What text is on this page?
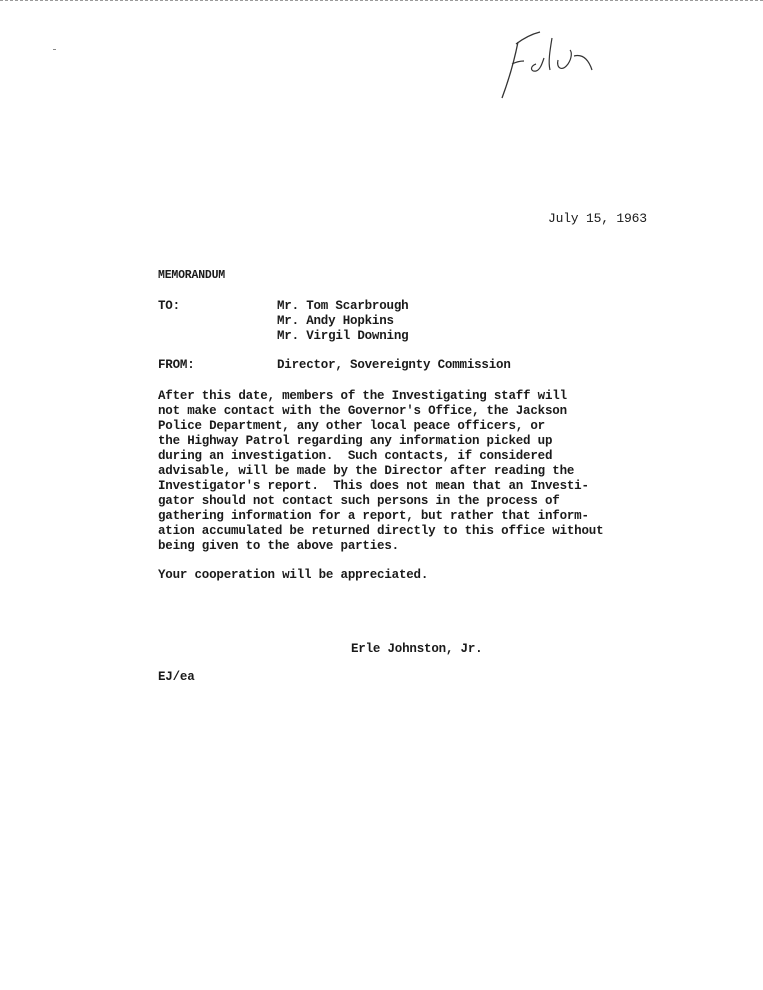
July 15, 1963
MEMORANDUM
TO:	Mr. Tom Scarbrough
Mr. Andy Hopkins
Mr. Virgil Downing
FROM:	Director, Sovereignty Commission
After this date, members of the Investigating staff will
not make contact with the Governor's Office, the Jackson
Police Department, any other local peace officers, or
the Highway Patrol regarding any information picked up
during an investigation.  Such contacts, if considered
advisable, will be made by the Director after reading the
Investigator's report.  This does not mean that an Investi-
gator should not contact such persons in the process of
gathering information for a report, but rather that inform-
ation accumulated be returned directly to this office without
being given to the above parties.
Your cooperation will be appreciated.
Erle Johnston, Jr.
EJ/ea
